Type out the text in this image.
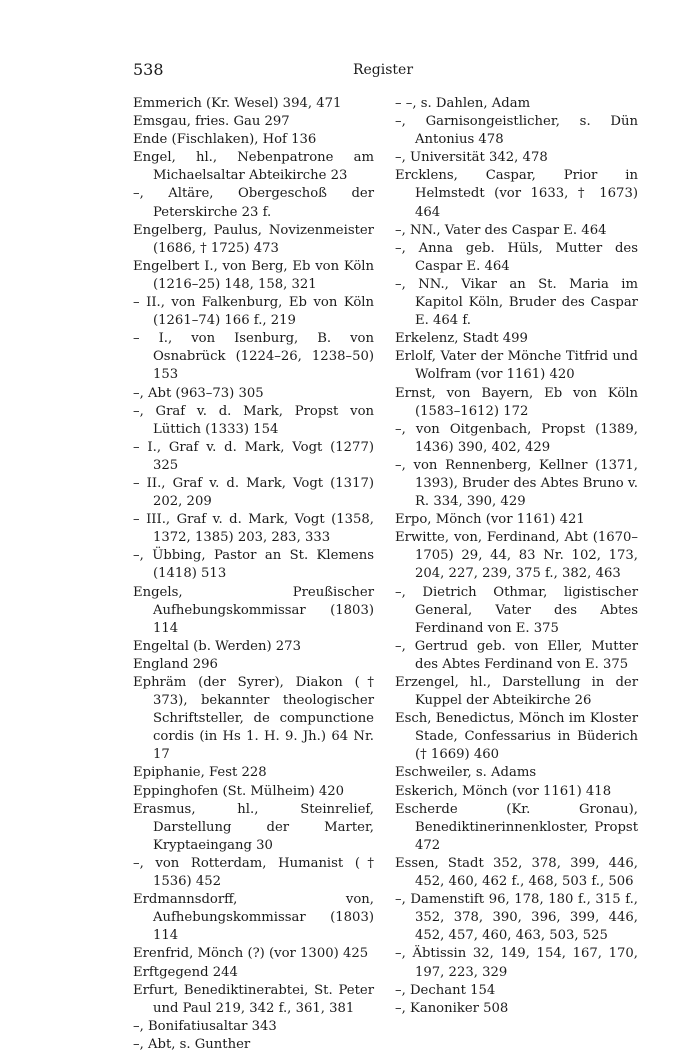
538	Register
Emmerich (Kr. Wesel) 394, 471
Emsgau, fries. Gau 297
Ende (Fischlaken), Hof 136
Engel, hl., Nebenpatrone am Michaelsaltar Abteikirche 23
–, Altäre, Obergeschoß der Peterskirche 23 f.
Engelberg, Paulus, Novizenmeister (1686, † 1725) 473
Engelbert I., von Berg, Eb von Köln (1216–25) 148, 158, 321
– II., von Falkenburg, Eb von Köln (1261–74) 166 f., 219
– I., von Isenburg, B. von Osnabrück (1224–26, 1238–50) 153
–, Abt (963–73) 305
–, Graf v. d. Mark, Propst von Lüttich (1333) 154
– I., Graf v. d. Mark, Vogt (1277) 325
– II., Graf v. d. Mark, Vogt (1317) 202, 209
– III., Graf v. d. Mark, Vogt (1358, 1372, 1385) 203, 283, 333
–, Übbing, Pastor an St. Klemens (1418) 513
Engels, Preußischer Aufhebungskommissar (1803) 114
Engeltal (b. Werden) 273
England 296
Ephräm (der Syrer), Diakon († 373), bekannter theologischer Schriftsteller, de compunctione cordis (in Hs 1. H. 9. Jh.) 64 Nr. 17
Epiphanie, Fest 228
Eppinghofen (St. Mülheim) 420
Erasmus, hl., Steinrelief, Darstellung der Marter, Kryptaeingang 30
–, von Rotterdam, Humanist († 1536) 452
Erdmannsdorff, von, Aufhebungskommissar (1803) 114
Erenfrid, Mönch (?) (vor 1300) 425
Erftgegend 244
Erfurt, Benediktinerabtei, St. Peter und Paul 219, 342 f., 361, 381
–, Bonifatiusaltar 343
–, Abt, s. Gunther
– –, s. Dahlen, Adam
–, Garnisongeistlicher, s. Dün Antonius 478
–, Universität 342, 478
Ercklens, Caspar, Prior in Helmstedt (vor 1633, † 1673) 464
–, NN., Vater des Caspar E. 464
–, Anna geb. Hüls, Mutter des Caspar E. 464
–, NN., Vikar an St. Maria im Kapitol Köln, Bruder des Caspar E. 464 f.
Erkelenz, Stadt 499
Erlolf, Vater der Mönche Titfrid und Wolfram (vor 1161) 420
Ernst, von Bayern, Eb von Köln (1583–1612) 172
–, von Oitgenbach, Propst (1389, 1436) 390, 402, 429
–, von Rennenberg, Kellner (1371, 1393), Bruder des Abtes Bruno v. R. 334, 390, 429
Erpo, Mönch (vor 1161) 421
Erwitte, von, Ferdinand, Abt (1670–1705) 29, 44, 83 Nr. 102, 173, 204, 227, 239, 375 f., 382, 463
–, Dietrich Othmar, ligistischer General, Vater des Abtes Ferdinand von E. 375
–, Gertrud geb. von Eller, Mutter des Abtes Ferdinand von E. 375
Erzengel, hl., Darstellung in der Kuppel der Abteikirche 26
Esch, Benedictus, Mönch im Kloster Stade, Confessarius in Büderich († 1669) 460
Eschweiler, s. Adams
Eskerich, Mönch (vor 1161) 418
Escherde (Kr. Gronau), Benediktinerinnenkloster, Propst 472
Essen, Stadt 352, 378, 399, 446, 452, 460, 462 f., 468, 503 f., 506
–, Damenstift 96, 178, 180 f., 315 f., 352, 378, 390, 396, 399, 446, 452, 457, 460, 463, 503, 525
–, Äbtissin 32, 149, 154, 167, 170, 197, 223, 329
–, Dechant 154
–, Kanoniker 508
